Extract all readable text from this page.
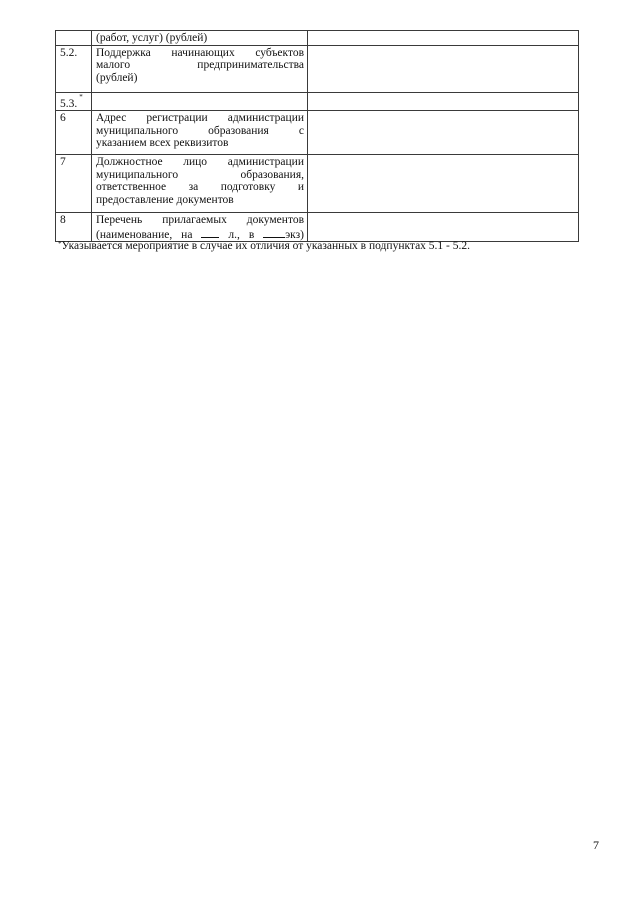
	(работ, услуг) (рублей)	

5.2.	Поддержка начинающих субъектов
малого предпринимательства
(рублей)	

5.3.*		
6	Адрес регистрации администрации
муниципального образования с
указанием всех реквизитов	

7	Должностное лицо администрации
муниципального образования,
ответственное за подготовку и
предоставление документов	

8	Перечень прилагаемых документов
(наименование, на  л., в экз)	

*Указывается мероприятие в случае их отличия от указанных в подпунктах 5.1 - 5.2.
7
